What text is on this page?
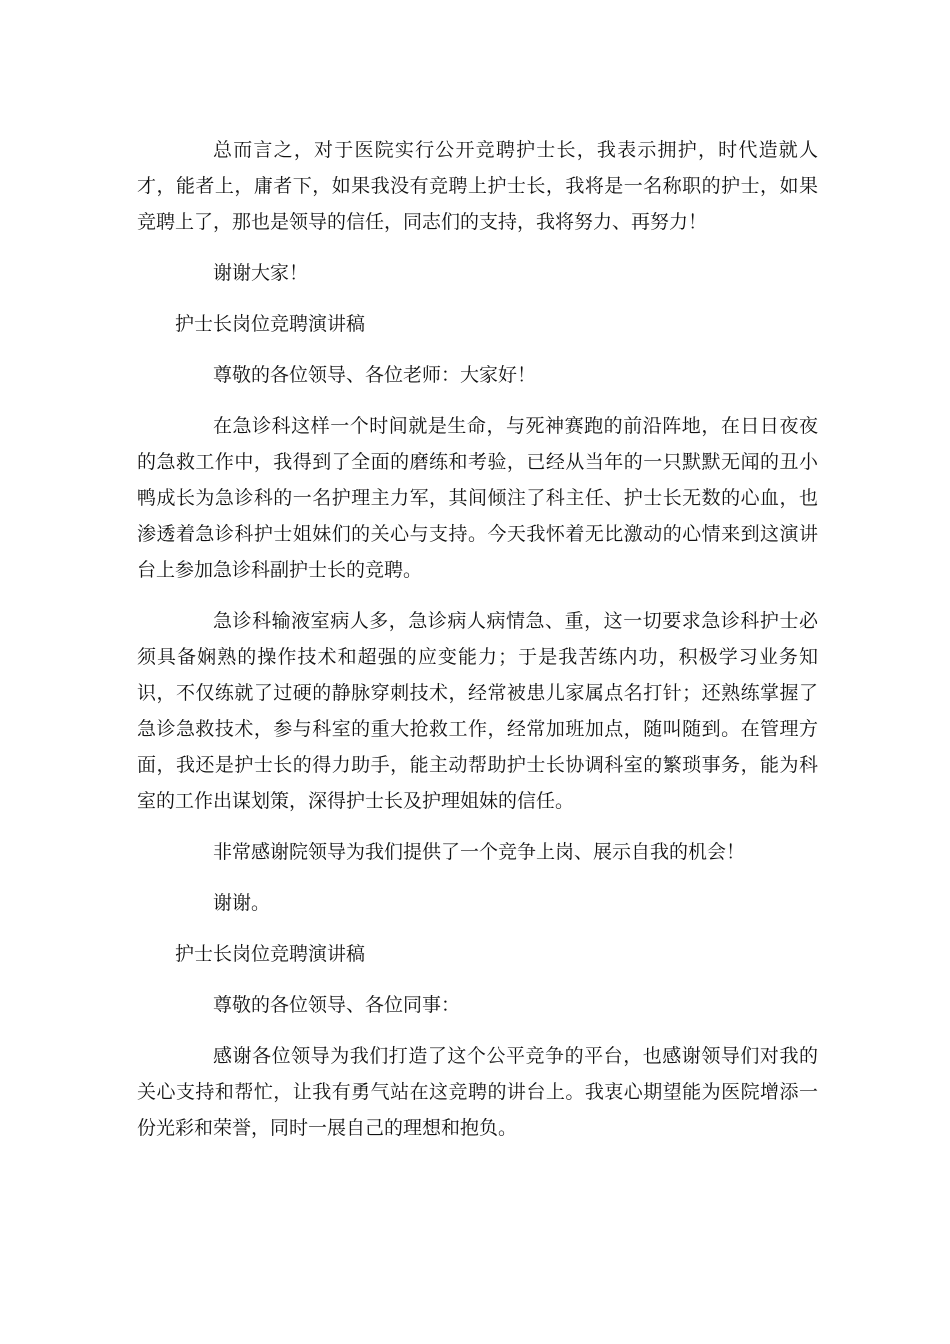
总而言之，对于医院实行公开竞聘护士长，我表示拥护，时代造就人才，能者上，庸者下，如果我没有竞聘上护士长，我将是一名称职的护士，如果竞聘上了，那也是领导的信任，同志们的支持，我将努力、再努力！

谢谢大家！

护士长岗位竞聘演讲稿

尊敬的各位领导、各位老师：大家好！

在急诊科这样一个时间就是生命，与死神赛跑的前沿阵地，在日日夜夜的急救工作中，我得到了全面的磨练和考验，已经从当年的一只默默无闻的丑小鸭成长为急诊科的一名护理主力军，其间倾注了科主任、护士长无数的心血，也渗透着急诊科护士姐妹们的关心与支持。今天我怀着无比激动的心情来到这演讲台上参加急诊科副护士长的竞聘。

急诊科输液室病人多，急诊病人病情急、重，这一切要求急诊科护士必须具备娴熟的操作技术和超强的应变能力；于是我苦练内功，积极学习业务知识，不仅练就了过硬的静脉穿刺技术，经常被患儿家属点名打针；还熟练掌握了急诊急救技术，参与科室的重大抢救工作，经常加班加点，随叫随到。在管理方面，我还是护士长的得力助手，能主动帮助护士长协调科室的繁琐事务，能为科室的工作出谋划策，深得护士长及护理姐妹的信任。

非常感谢院领导为我们提供了一个竞争上岗、展示自我的机会！

谢谢。

护士长岗位竞聘演讲稿

尊敬的各位领导、各位同事：

感谢各位领导为我们打造了这个公平竞争的平台，也感谢领导们对我的关心支持和帮忙，让我有勇气站在这竞聘的讲台上。我衷心期望能为医院增添一份光彩和荣誉，同时一展自己的理想和抱负。
